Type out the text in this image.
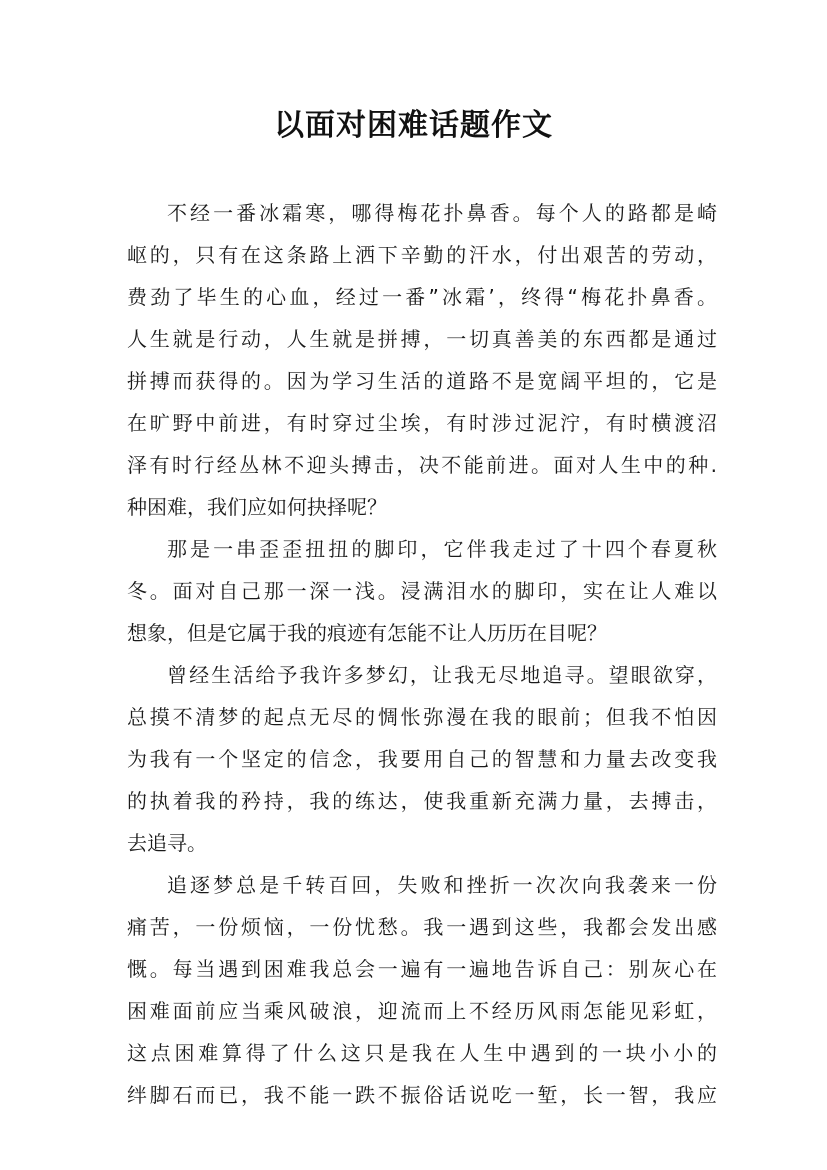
以面对困难话题作文
不经一番冰霜寒，哪得梅花扑鼻香。每个人的路都是崎
岖的，只有在这条路上洒下辛勤的汗水，付出艰苦的劳动，
费劲了毕生的心血，经过一番”冰霜’，终得“梅花扑鼻香。
人生就是行动，人生就是拼搏，一切真善美的东西都是通过
拼搏而获得的。因为学习生活的道路不是宽阔平坦的，它是
在旷野中前进，有时穿过尘埃，有时涉过泥泞，有时横渡沼
泽有时行经丛林不迎头搏击，决不能前进。面对人生中的种.
种困难，我们应如何抉择呢？
那是一串歪歪扭扭的脚印，它伴我走过了十四个春夏秋
冬。面对自己那一深一浅。浸满泪水的脚印，实在让人难以
想象，但是它属于我的痕迹有怎能不让人历历在目呢？
曾经生活给予我许多梦幻，让我无尽地追寻。望眼欲穿，
总摸不清梦的起点无尽的惆怅弥漫在我的眼前；但我不怕因
为我有一个坚定的信念，我要用自己的智慧和力量去改变我
的执着我的矜持，我的练达，使我重新充满力量，去搏击，
去追寻。
追逐梦总是千转百回，失败和挫折一次次向我袭来一份
痛苦，一份烦恼，一份忧愁。我一遇到这些，我都会发出感
慨。每当遇到困难我总会一遍有一遍地告诉自己：别灰心在
困难面前应当乘风破浪，迎流而上不经历风雨怎能见彩虹，
这点困难算得了什么这只是我在人生中遇到的一块小小的
绊脚石而已，我不能一跌不振俗话说吃一堑，长一智，我应
